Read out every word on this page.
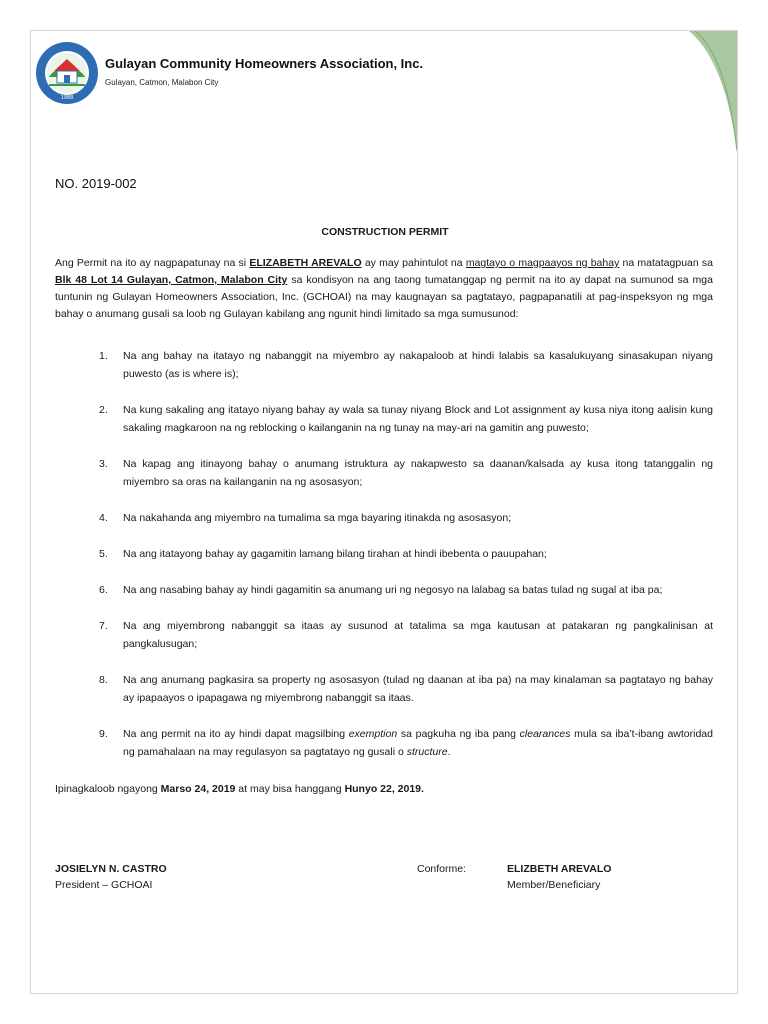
1988
Gulayan Community Homeowners Association, Inc.
Gulayan, Catmon, Malabon City
NO. 2019-002
CONSTRUCTION PERMIT
Ang Permit na ito ay nagpapatunay na si ELIZABETH AREVALO ay may pahintulot na magtayo o magpaayos ng bahay na matatagpuan sa Blk 48 Lot 14 Gulayan, Catmon, Malabon City sa kondisyon na ang taong tumatanggap ng permit na ito ay dapat na sumunod sa mga tuntunin ng Gulayan Homeowners Association, Inc. (GCHOAI) na may kaugnayan sa pagtatayo, pagpapanatili at pag-inspeksyon ng mga bahay o anumang gusali sa loob ng Gulayan kabilang ang ngunit hindi limitado sa mga sumusunod:
1. Na ang bahay na itatayo ng nabanggit na miyembro ay nakapaloob at hindi lalabis sa kasalukuyang sinasakupan niyang puwesto (as is where is);
2. Na kung sakaling ang itatayo niyang bahay ay wala sa tunay niyang Block and Lot assignment ay kusa niya itong aalisin kung sakaling magkaroon na ng reblocking o kailanganin na ng tunay na may-ari na gamitin ang puwesto;
3. Na kapag ang itinayong bahay o anumang istruktura ay nakapwesto sa daanan/kalsada ay kusa itong tatanggalin ng miyembro sa oras na kailanganin na ng asosasyon;
4. Na nakahanda ang miyembro na tumalima sa mga bayaring itinakda ng asosasyon;
5. Na ang itatayong bahay ay gagamitin lamang bilang tirahan at hindi ibebenta o pauupahan;
6. Na ang nasabing bahay ay hindi gagamitin sa anumang uri ng negosyo na lalabag sa batas tulad ng sugal at iba pa;
7. Na ang miyembrong nabanggit sa itaas ay susunod at tatalima sa mga kautusan at patakaran ng pangkalinisan at pangkalusugan;
8. Na ang anumang pagkasira sa property ng asosasyon (tulad ng daanan at iba pa) na may kinalaman sa pagtatayo ng bahay ay ipapaayos o ipapagawa ng miyembrong nabanggit sa itaas.
9. Na ang permit na ito ay hindi dapat magsilbing exemption sa pagkuha ng iba pang clearances mula sa iba’t-ibang awtoridad ng pamahalaan na may regulasyon sa pagtatayo ng gusali o structure.
Ipinagkaloob ngayong Marso 24, 2019 at may bisa hanggang Hunyo 22, 2019.
JOSIELYN N. CASTRO
President – GCHOAI
Conforme:	ELIZBETH AREVALO
Member/Beneficiary
